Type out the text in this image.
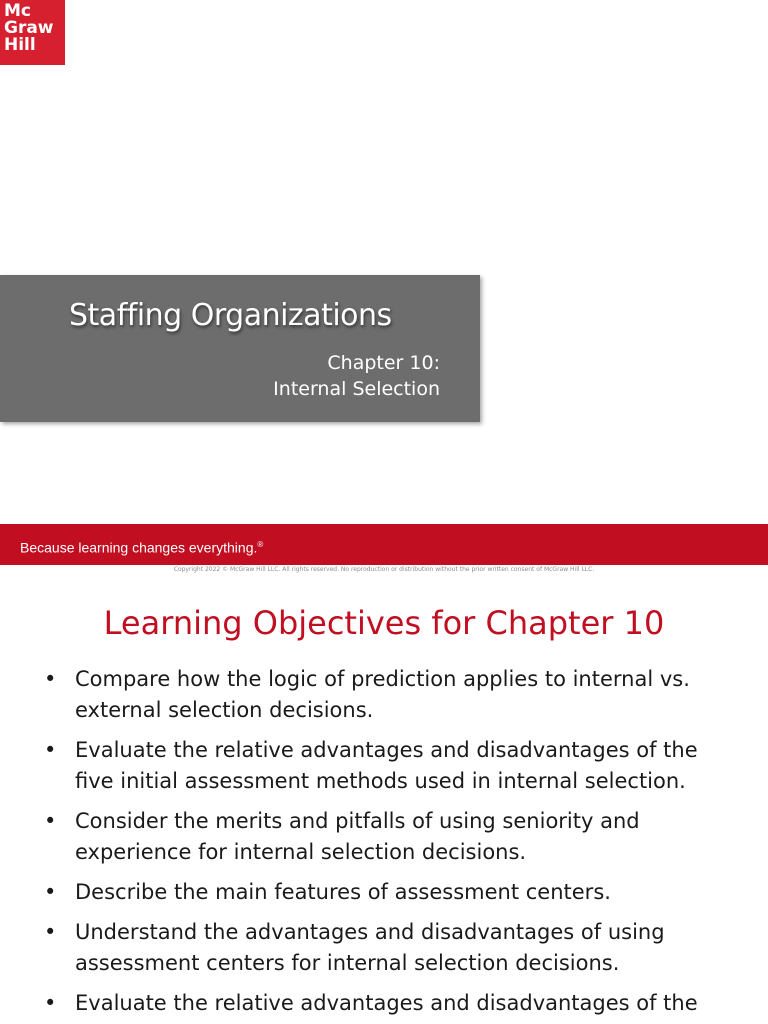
Mc
Graw
Hill
Staffing Organizations
Chapter 10:
Internal Selection
Because learning changes everything.®
Copyright 2022 © McGraw Hill LLC. All rights reserved. No reproduction or distribution without the prior written consent of McGraw Hill LLC.
Learning Objectives for Chapter 10
• Compare how the logic of prediction applies to internal vs. external selection decisions.
• Evaluate the relative advantages and disadvantages of the five initial assessment methods used in internal selection.
• Consider the merits and pitfalls of using seniority and experience for internal selection decisions.
• Describe the main features of assessment centers.
• Understand the advantages and disadvantages of using assessment centers for internal selection decisions.
• Evaluate the relative advantages and disadvantages of the
